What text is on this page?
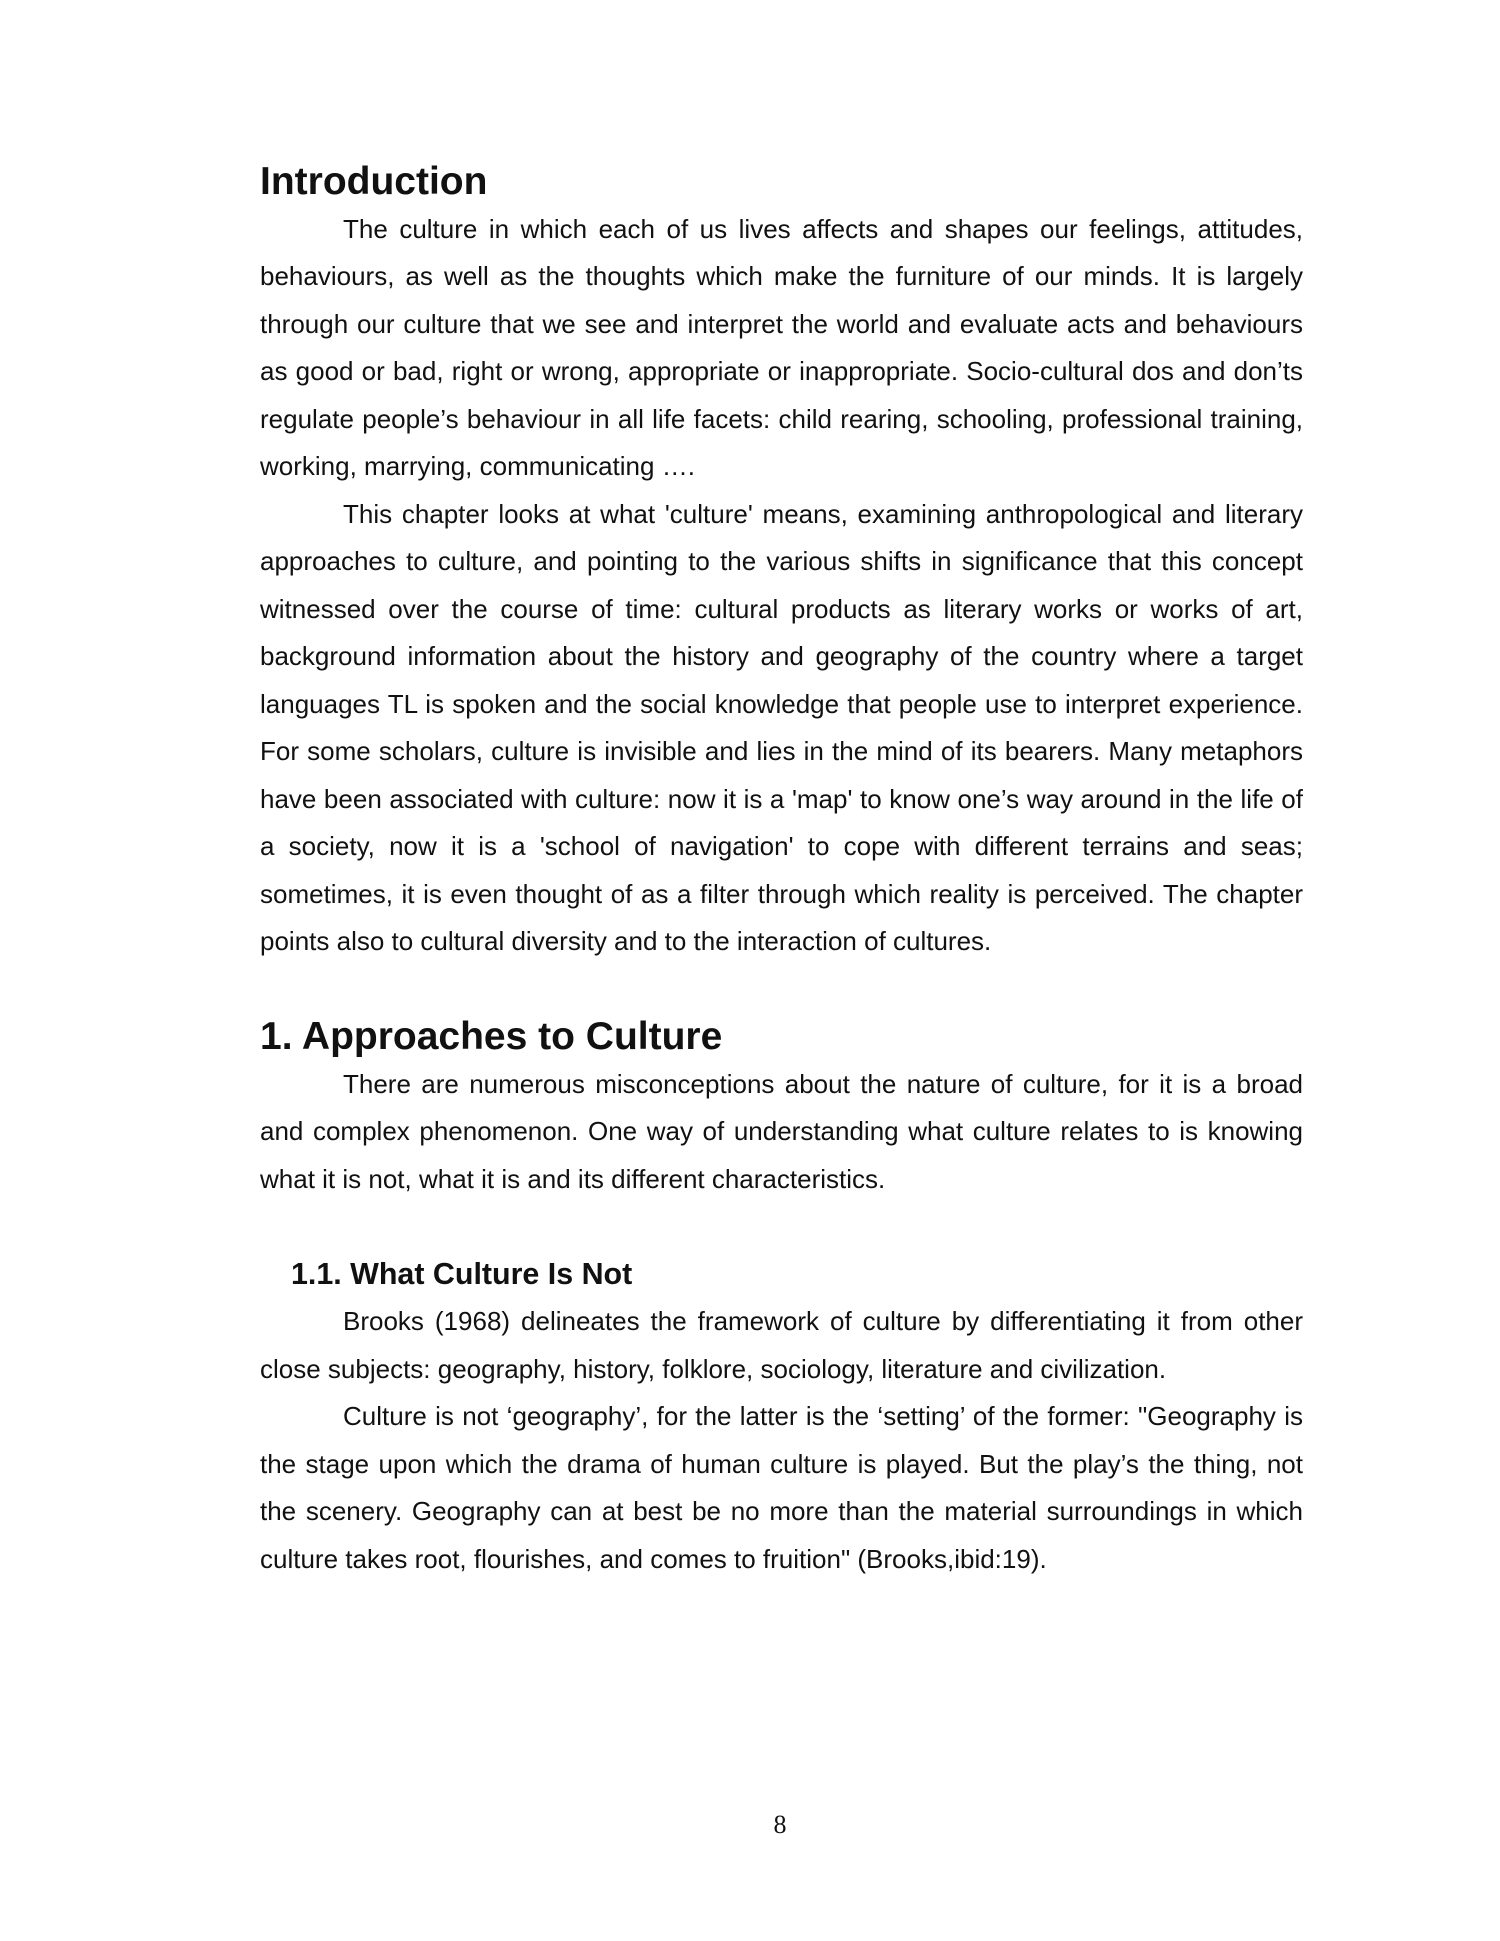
Introduction

The culture in which each of us lives affects and shapes our feelings, attitudes, behaviours, as well as the thoughts which make the furniture of our minds. It is largely through our culture that we see and interpret the world and evaluate acts and behaviours as good or bad, right or wrong, appropriate or inappropriate. Socio-cultural dos and don’ts regulate people’s behaviour in all life facets: child rearing, schooling, professional training, working, marrying, communicating ….

This chapter looks at what 'culture' means, examining anthropological and literary approaches to culture, and pointing to the various shifts in significance that this concept witnessed over the course of time: cultural products as literary works or works of art, background information about the history and geography of the country where a target languages TL is spoken and the social knowledge that people use to interpret experience. For some scholars, culture is invisible and lies in the mind of its bearers. Many metaphors have been associated with culture: now it is a 'map' to know one’s way around in the life of a society, now it is a 'school of navigation' to cope with different terrains and seas; sometimes, it is even thought of as a filter through which reality is perceived. The chapter points also to cultural diversity and to the interaction of cultures.

1. Approaches to Culture

There are numerous misconceptions about the nature of culture, for it is a broad and complex phenomenon. One way of understanding what culture relates to is knowing what it is not, what it is and its different characteristics.

1.1. What Culture Is Not

Brooks (1968) delineates the framework of culture by differentiating it from other close subjects: geography, history, folklore, sociology, literature and civilization.

Culture is not ‘geography’, for the latter is the ‘setting’ of the former: "Geography is the stage upon which the drama of human culture is played. But the play’s the thing, not the scenery. Geography can at best be no more than the material surroundings in which culture takes root, flourishes, and comes to fruition" (Brooks,ibid:19).

8
